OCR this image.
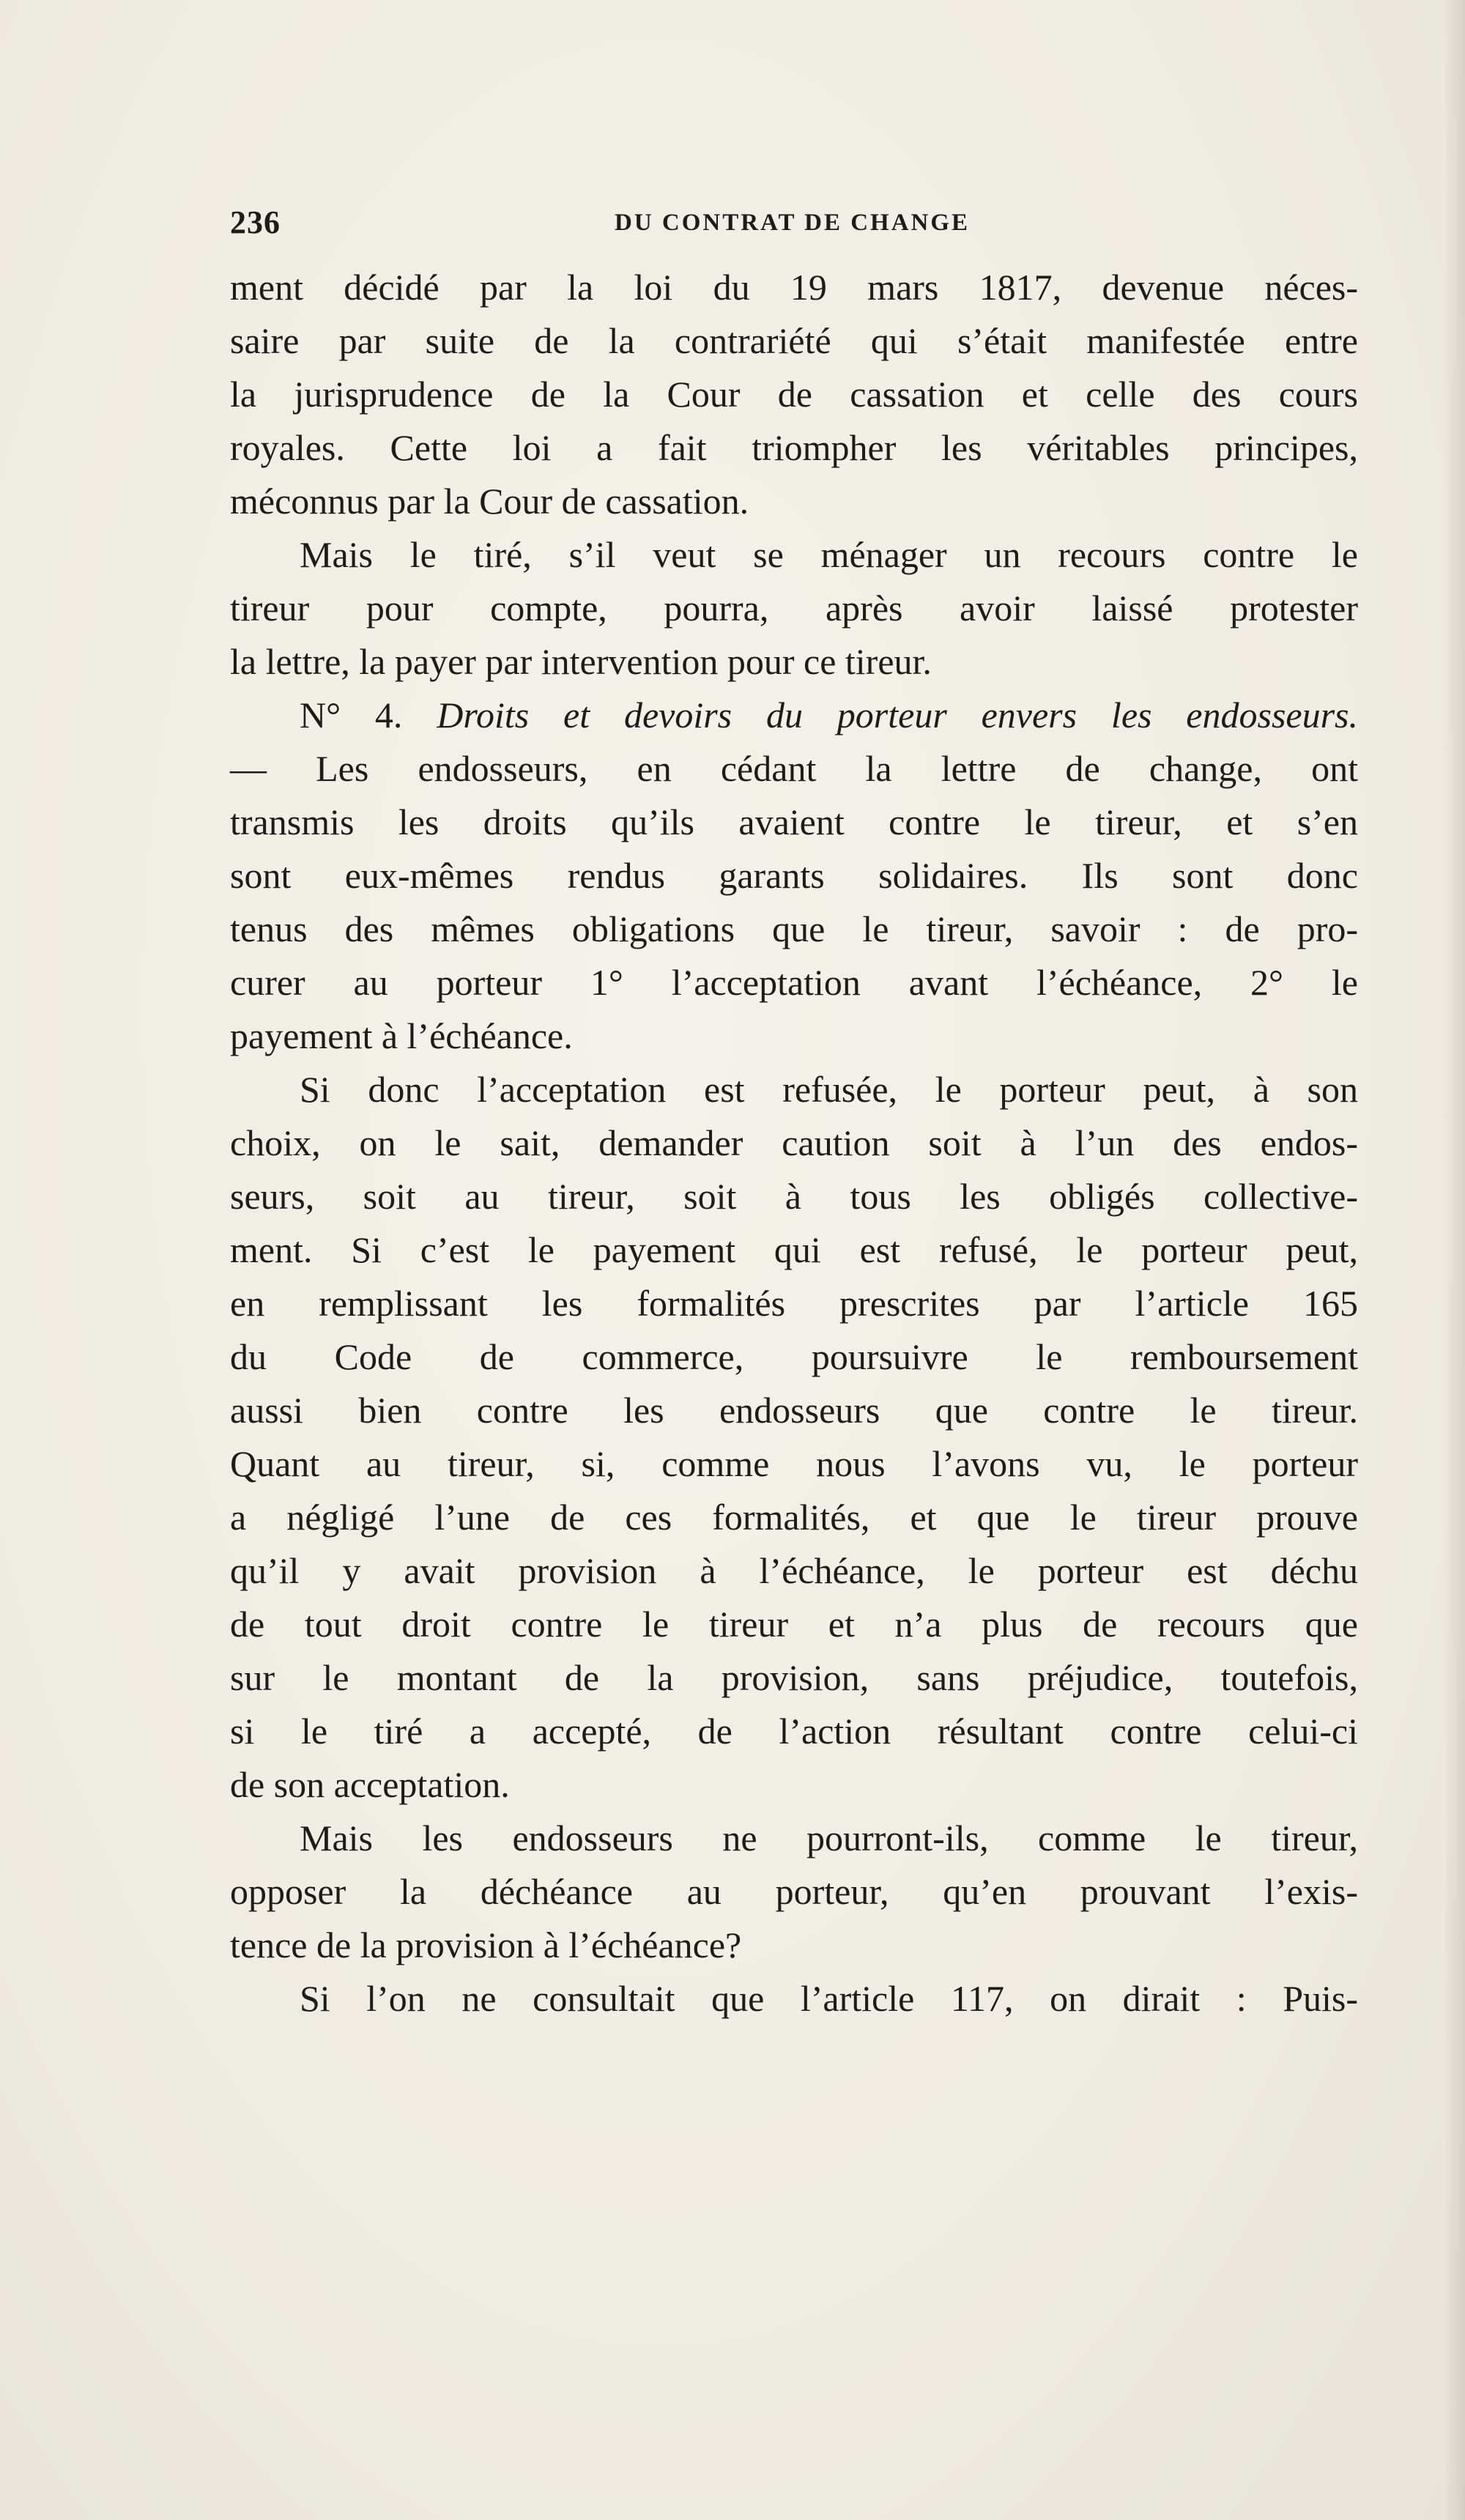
236	DU CONTRAT DE CHANGE
ment décidé par la loi du 19 mars 1817, devenue néces-
saire par suite de la contrariété qui s’était manifestée entre
la jurisprudence de la Cour de cassation et celle des cours
royales. Cette loi a fait triompher les véritables principes,
méconnus par la Cour de cassation.
Mais le tiré, s’il veut se ménager un recours contre le
tireur pour compte, pourra, après avoir laissé protester
la lettre, la payer par intervention pour ce tireur.
N° 4. Droits et devoirs du porteur envers les endosseurs.
— Les endosseurs, en cédant la lettre de change, ont
transmis les droits qu’ils avaient contre le tireur, et s’en
sont eux-mêmes rendus garants solidaires. Ils sont donc
tenus des mêmes obligations que le tireur, savoir : de pro-
curer au porteur 1° l’acceptation avant l’échéance, 2° le
payement à l’échéance.
Si donc l’acceptation est refusée, le porteur peut, à son
choix, on le sait, demander caution soit à l’un des endos-
seurs, soit au tireur, soit à tous les obligés collective-
ment. Si c’est le payement qui est refusé, le porteur peut,
en remplissant les formalités prescrites par l’article 165
du Code de commerce, poursuivre le remboursement
aussi bien contre les endosseurs que contre le tireur.
Quant au tireur, si, comme nous l’avons vu, le porteur
a négligé l’une de ces formalités, et que le tireur prouve
qu’il y avait provision à l’échéance, le porteur est déchu
de tout droit contre le tireur et n’a plus de recours que
sur le montant de la provision, sans préjudice, toutefois,
si le tiré a accepté, de l’action résultant contre celui-ci
de son acceptation.
Mais les endosseurs ne pourront-ils, comme le tireur,
opposer la déchéance au porteur, qu’en prouvant l’exis-
tence de la provision à l’échéance?
Si l’on ne consultait que l’article 117, on dirait : Puis-
